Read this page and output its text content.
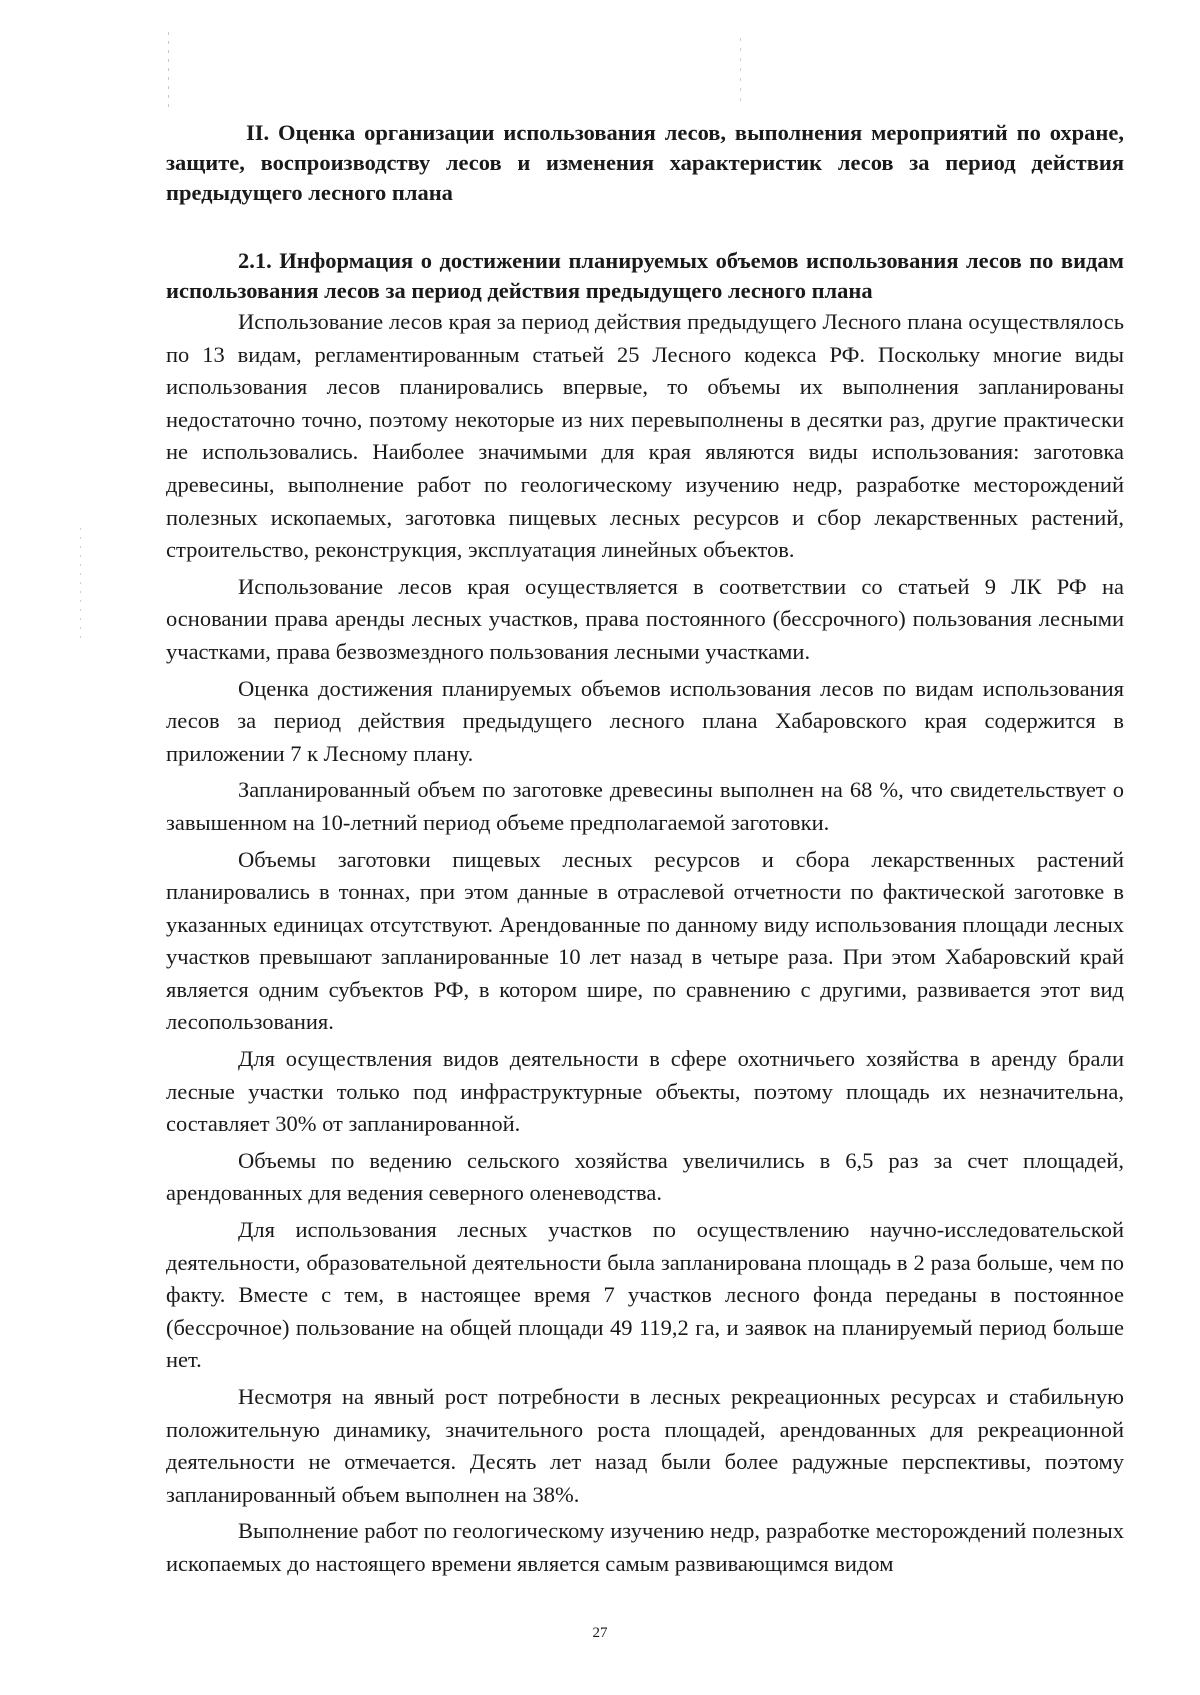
II. Оценка организации использования лесов, выполнения мероприятий по охране, защите, воспроизводству лесов и изменения характеристик лесов за период действия предыдущего лесного плана

2.1. Информация о достижении планируемых объемов использования лесов по видам использования лесов за период действия предыдущего лесного плана

Использование лесов края за период действия предыдущего Лесного плана осуществлялось по 13 видам, регламентированным статьей 25 Лесного кодекса РФ. Поскольку многие виды использования лесов планировались впервые, то объемы их выполнения запланированы недостаточно точно, поэтому некоторые из них перевыполнены в десятки раз, другие практически не использовались. Наиболее значимыми для края являются виды использования: заготовка древесины, выполнение работ по геологическому изучению недр, разработке месторождений полезных ископаемых, заготовка пищевых лесных ресурсов и сбор лекарственных растений, строительство, реконструкция, эксплуатация линейных объектов.

Использование лесов края осуществляется в соответствии со статьей 9 ЛК РФ на основании права аренды лесных участков, права постоянного (бессрочного) пользования лесными участками, права безвозмездного пользования лесными участками.

Оценка достижения планируемых объемов использования лесов по видам использования лесов за период действия предыдущего лесного плана Хабаровского края содержится в приложении 7 к Лесному плану.

Запланированный объем по заготовке древесины выполнен на 68 %, что свидетельствует о завышенном на 10-летний период объеме предполагаемой заготовки.

Объемы заготовки пищевых лесных ресурсов и сбора лекарственных растений планировались в тоннах, при этом данные в отраслевой отчетности по фактической заготовке в указанных единицах отсутствуют. Арендованные по данному виду использования площади лесных участков превышают запланированные 10 лет назад в четыре раза. При этом Хабаровский край является одним субъектов РФ, в котором шире, по сравнению с другими, развивается этот вид лесопользования.

Для осуществления видов деятельности в сфере охотничьего хозяйства в аренду брали лесные участки только под инфраструктурные объекты, поэтому площадь их незначительна, составляет 30% от запланированной.

Объемы по ведению сельского хозяйства увеличились в 6,5 раз за счет площадей, арендованных для ведения северного оленеводства.

Для использования лесных участков по осуществлению научно-исследовательской деятельности, образовательной деятельности была запланирована площадь в 2 раза больше, чем по факту. Вместе с тем, в настоящее время 7 участков лесного фонда переданы в постоянное (бессрочное) пользование на общей площади 49 119,2 га, и заявок на планируемый период больше нет.

Несмотря на явный рост потребности в лесных рекреационных ресурсах и стабильную положительную динамику, значительного роста площадей, арендованных для рекреационной деятельности не отмечается. Десять лет назад были более радужные перспективы, поэтому запланированный объем выполнен на 38%.

Выполнение работ по геологическому изучению недр, разработке месторождений полезных ископаемых до настоящего времени является самым развивающимся видом

27
